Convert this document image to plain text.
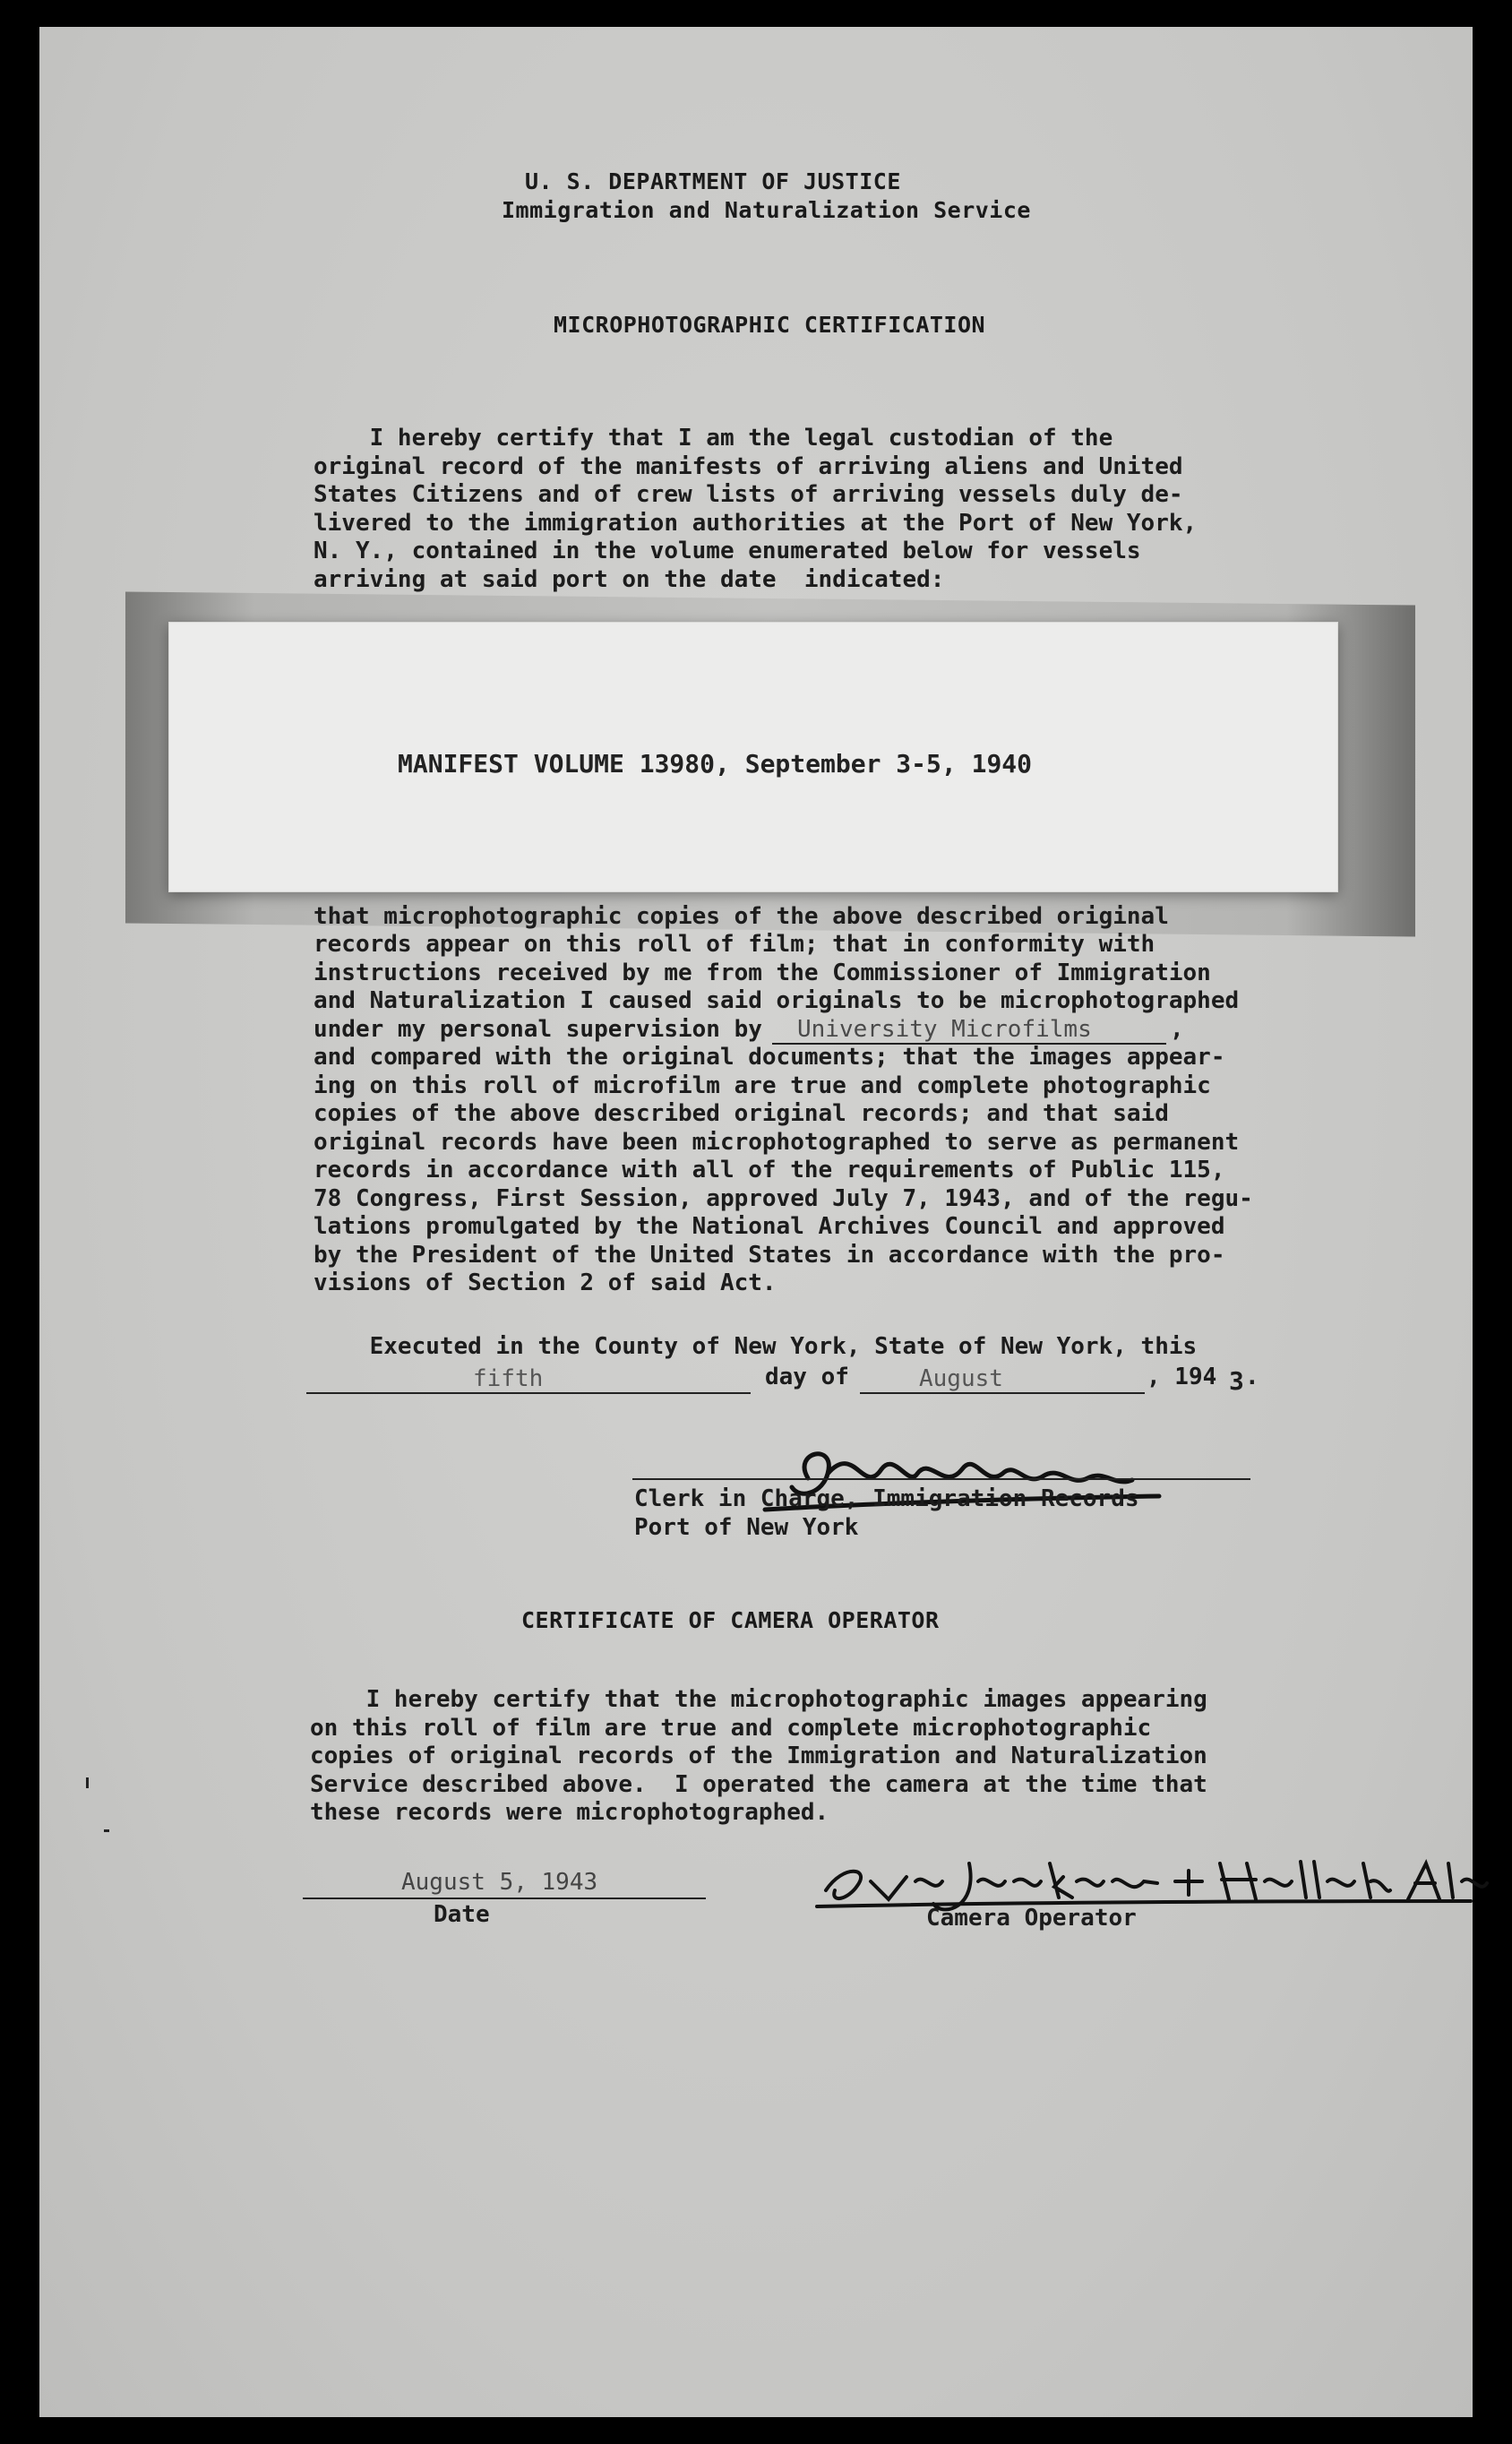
U. S. DEPARTMENT OF JUSTICE
Immigration and Naturalization Service
MICROPHOTOGRAPHIC CERTIFICATION
I hereby certify that I am the legal custodian of the
original record of the manifests of arriving aliens and United
States Citizens and of crew lists of arriving vessels duly de-
livered to the immigration authorities at the Port of New York,
N. Y., contained in the volume enumerated below for vessels
arriving at said port on the date  indicated:
MANIFEST VOLUME 13980, September 3-5, 1940
that microphotographic copies of the above described original
records appear on this roll of film; that in conformity with
instructions received by me from the Commissioner of Immigration
and Naturalization I caused said originals to be microphotographed
under my personal supervision by University Microfilms	,
and compared with the original documents; that the images appear-
ing on this roll of microfilm are true and complete photographic
copies of the above described original records; and that said
original records have been microphotographed to serve as permanent
records in accordance with all of the requirements of Public 115,
78 Congress, First Session, approved July 7, 1943, and of the regu-
lations promulgated by the National Archives Council and approved
by the President of the United States in accordance with the pro-
visions of Section 2 of said Act.
Executed in the County of New York, State of New York, this
fifth	day of	August	, 194 3 .
Clerk in Charge, Immigration Records
Port of New York
CERTIFICATE OF CAMERA OPERATOR
I hereby certify that the microphotographic images appearing
on this roll of film are true and complete microphotographic
copies of original records of the Immigration and Naturalization
Service described above.  I operated the camera at the time that
these records were microphotographed.
August 5, 1943
Date	Camera Operator
